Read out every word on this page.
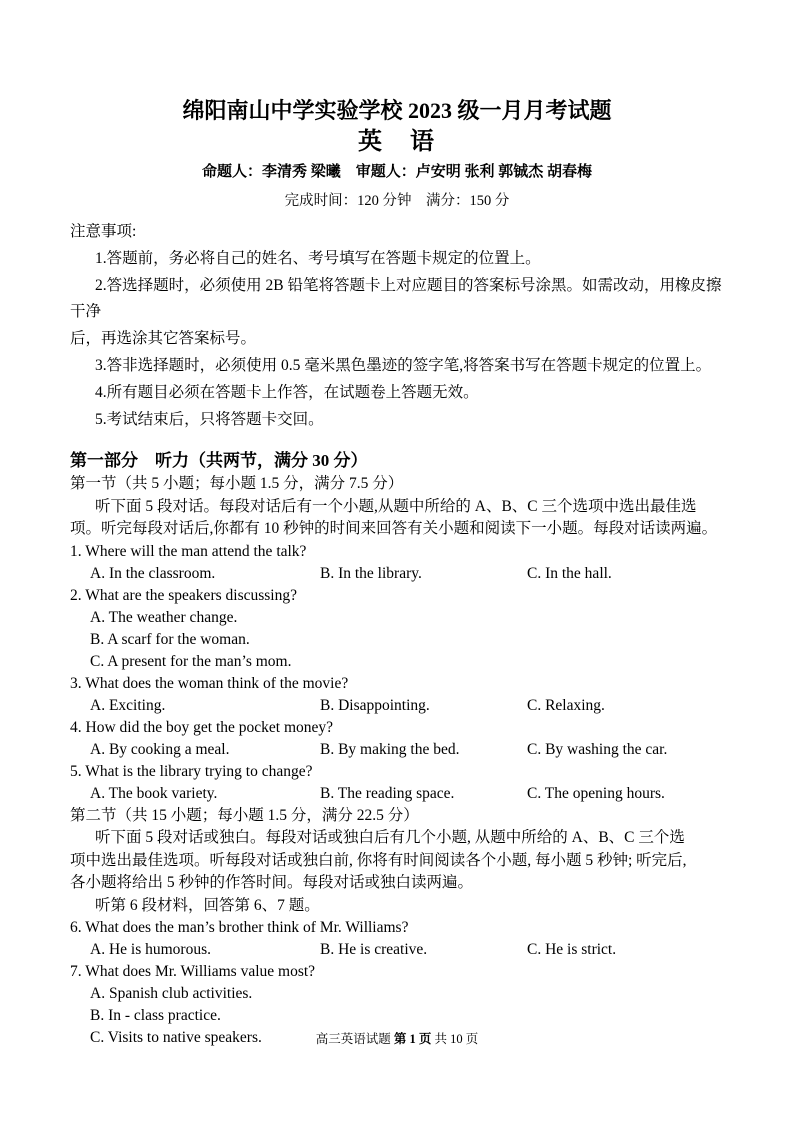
绵阳南山中学实验学校 2023 级一月月考试题
英　语
命题人：李清秀 梁曦　审题人：卢安明 张利 郭铖杰 胡春梅
完成时间：120 分钟　满分：150 分
注意事项:
1.答题前，务必将自己的姓名、考号填写在答题卡规定的位置上。
2.答选择题时，必须使用 2B 铅笔将答题卡上对应题目的答案标号涂黑。如需改动，用橡皮擦干净
后，再选涂其它答案标号。
3.答非选择题时，必须使用 0.5 毫米黑色墨迹的签字笔,将答案书写在答题卡规定的位置上。
4.所有题目必须在答题卡上作答，在试题卷上答题无效。
5.考试结束后，只将答题卡交回。
第一部分　听力（共两节，满分 30 分）
第一节（共 5 小题；每小题 1.5 分，满分 7.5 分）
听下面 5 段对话。每段对话后有一个小题,从题中所给的 A、B、C 三个选项中选出最佳选
项。听完每段对话后,你都有 10 秒钟的时间来回答有关小题和阅读下一小题。每段对话读两遍。
1. Where will the man attend the talk?
A. In the classroom.	B. In the library.	C. In the hall.
2. What are the speakers discussing?
A. The weather change.
B. A scarf for the woman.
C. A present for the man’s mom.
3. What does the woman think of the movie?
A. Exciting.	B. Disappointing.	C. Relaxing.
4. How did the boy get the pocket money?
A. By cooking a meal.	B. By making the bed.	C. By washing the car.
5. What is the library trying to change?
A. The book variety.	B. The reading space.	C. The opening hours.
第二节（共 15 小题；每小题 1.5 分，满分 22.5 分）
听下面 5 段对话或独白。每段对话或独白后有几个小题, 从题中所给的 A、B、C 三个选
项中选出最佳选项。听每段对话或独白前, 你将有时间阅读各个小题, 每小题 5 秒钟; 听完后,
各小题将给出 5 秒钟的作答时间。每段对话或独白读两遍。
听第 6 段材料，回答第 6、7 题。
6. What does the man’s brother think of Mr. Williams?
A. He is humorous.	B. He is creative.	C. He is strict.
7. What does Mr. Williams value most?
A. Spanish club activities.
B. In - class practice.
C. Visits to native speakers.	高三英语试题 第 1 页 共 10 页
